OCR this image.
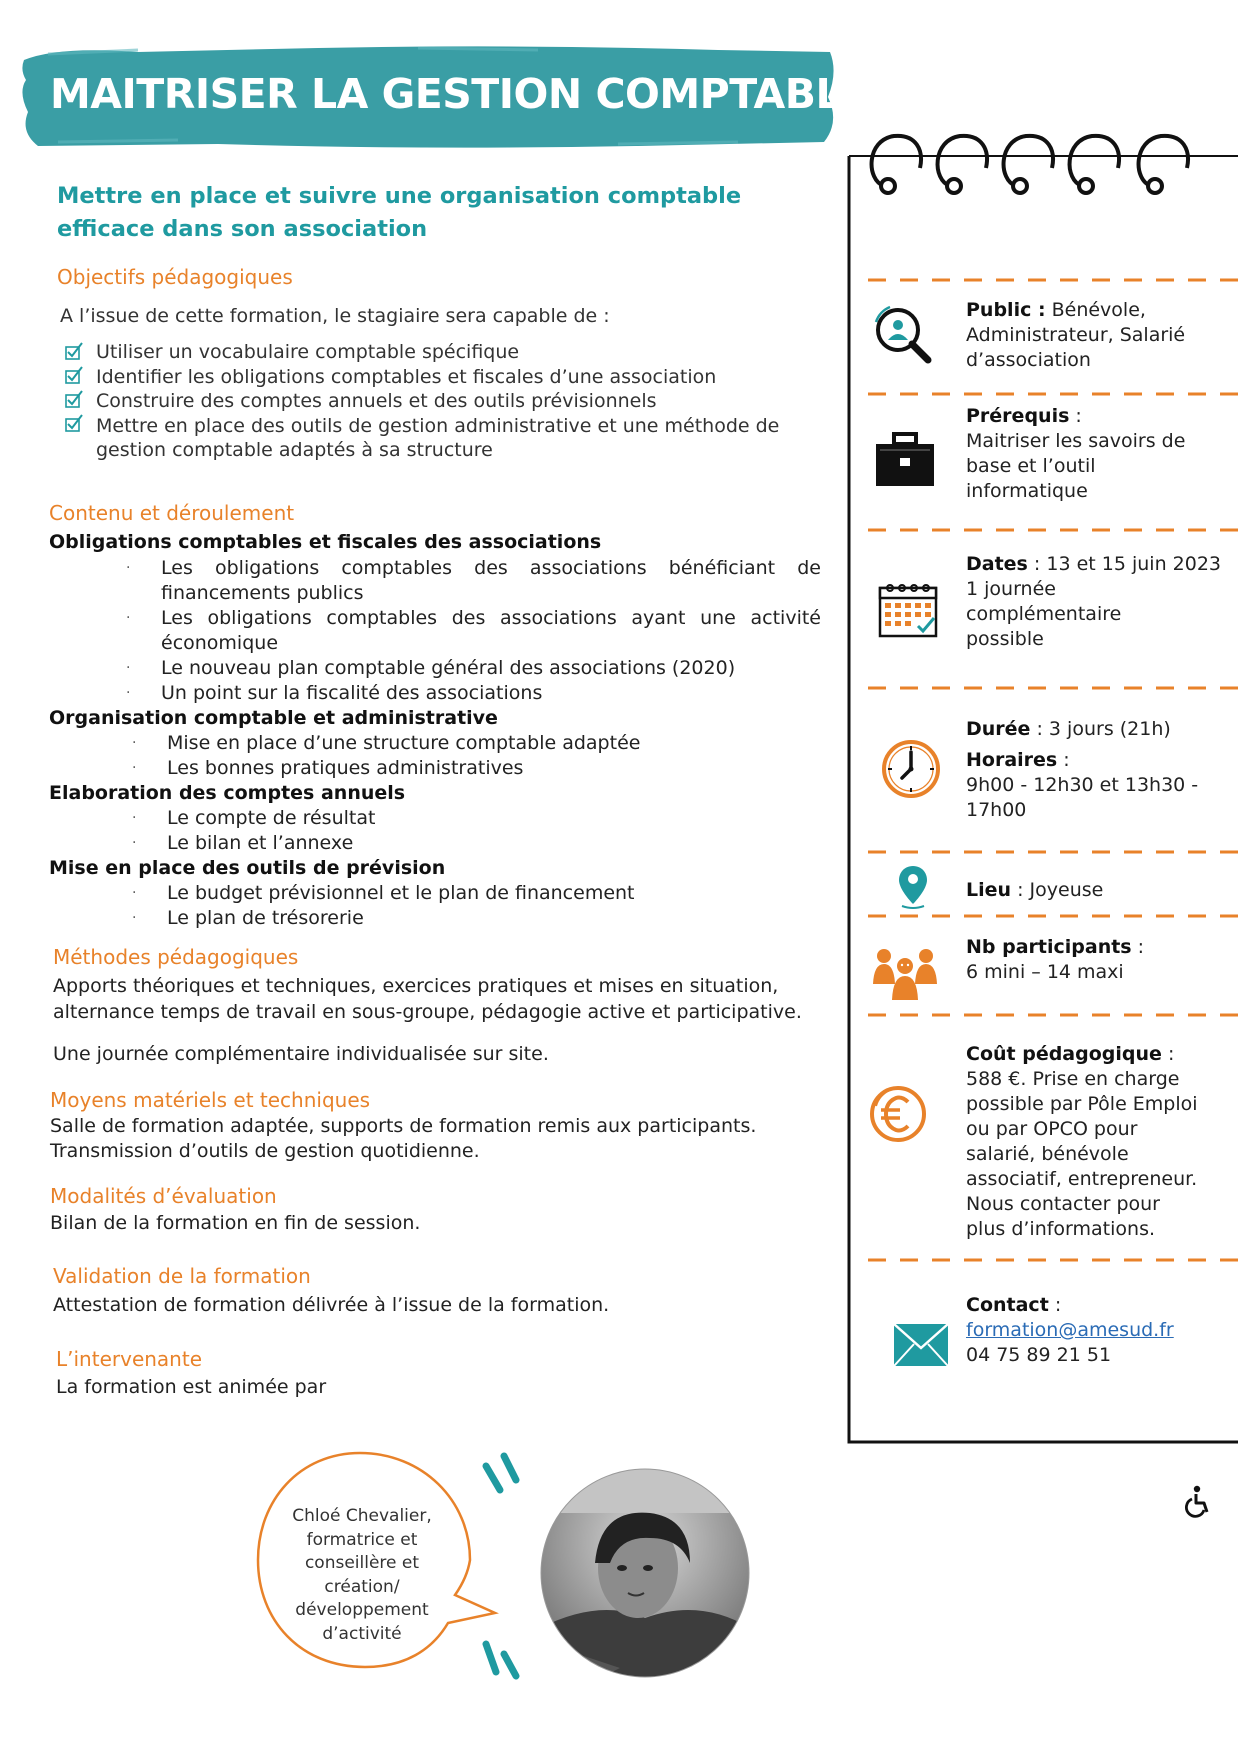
MAITRISER LA GESTION COMPTABLE
Mettre en place et suivre une organisation comptable
efficace dans son association
Objectifs pédagogiques
A l’issue de cette formation, le stagiaire sera capable de :
Utiliser un vocabulaire comptable spécifique
Identifier les obligations comptables et fiscales d’une association
Construire des comptes annuels et des outils prévisionnels
Mettre en place des outils de gestion administrative et une méthode de
gestion comptable adaptés à sa structure
Contenu et déroulement
Obligations comptables et fiscales des associations
· Les obligations comptables des associations bénéficiant de
financements publics
· Les obligations comptables des associations ayant une activité
économique
· Le nouveau plan comptable général des associations (2020)
· Un point sur la fiscalité des associations
Organisation comptable et administrative
· Mise en place d’une structure comptable adaptée
· Les bonnes pratiques administratives
Elaboration des comptes annuels
· Le compte de résultat
· Le bilan et l’annexe
Mise en place des outils de prévision
· Le budget prévisionnel et le plan de financement
· Le plan de trésorerie
Méthodes pédagogiques
Apports théoriques et techniques, exercices pratiques et mises en situation,
alternance temps de travail en sous-groupe, pédagogie active et participative.
Une journée complémentaire individualisée sur site.
Moyens matériels et techniques
Salle de formation adaptée, supports de formation remis aux participants.
Transmission d’outils de gestion quotidienne.
Modalités d’évaluation
Bilan de la formation en fin de session.
Validation de la formation
Attestation de formation délivrée à l’issue de la formation.
L’intervenante
La formation est animée par
Chloé Chevalier,
formatrice et
conseillère et
création/
développement
d’activité
Public : Bénévole,
Administrateur, Salarié
d’association
Prérequis :
Maitriser les savoirs de
base et l’outil
informatique
Dates : 13 et 15 juin 2023
1 journée
complémentaire
possible
Durée : 3 jours (21h)
Horaires :
9h00 - 12h30 et 13h30 -
17h00
Lieu : Joyeuse
Nb participants :
6 mini – 14 maxi
Coût pédagogique :
588 €. Prise en charge
possible par Pôle Emploi
ou par OPCO pour
salarié, bénévole
associatif, entrepreneur.
Nous contacter pour
plus d’informations.
Contact :
formation@amesud.fr
04 75 89 21 51
